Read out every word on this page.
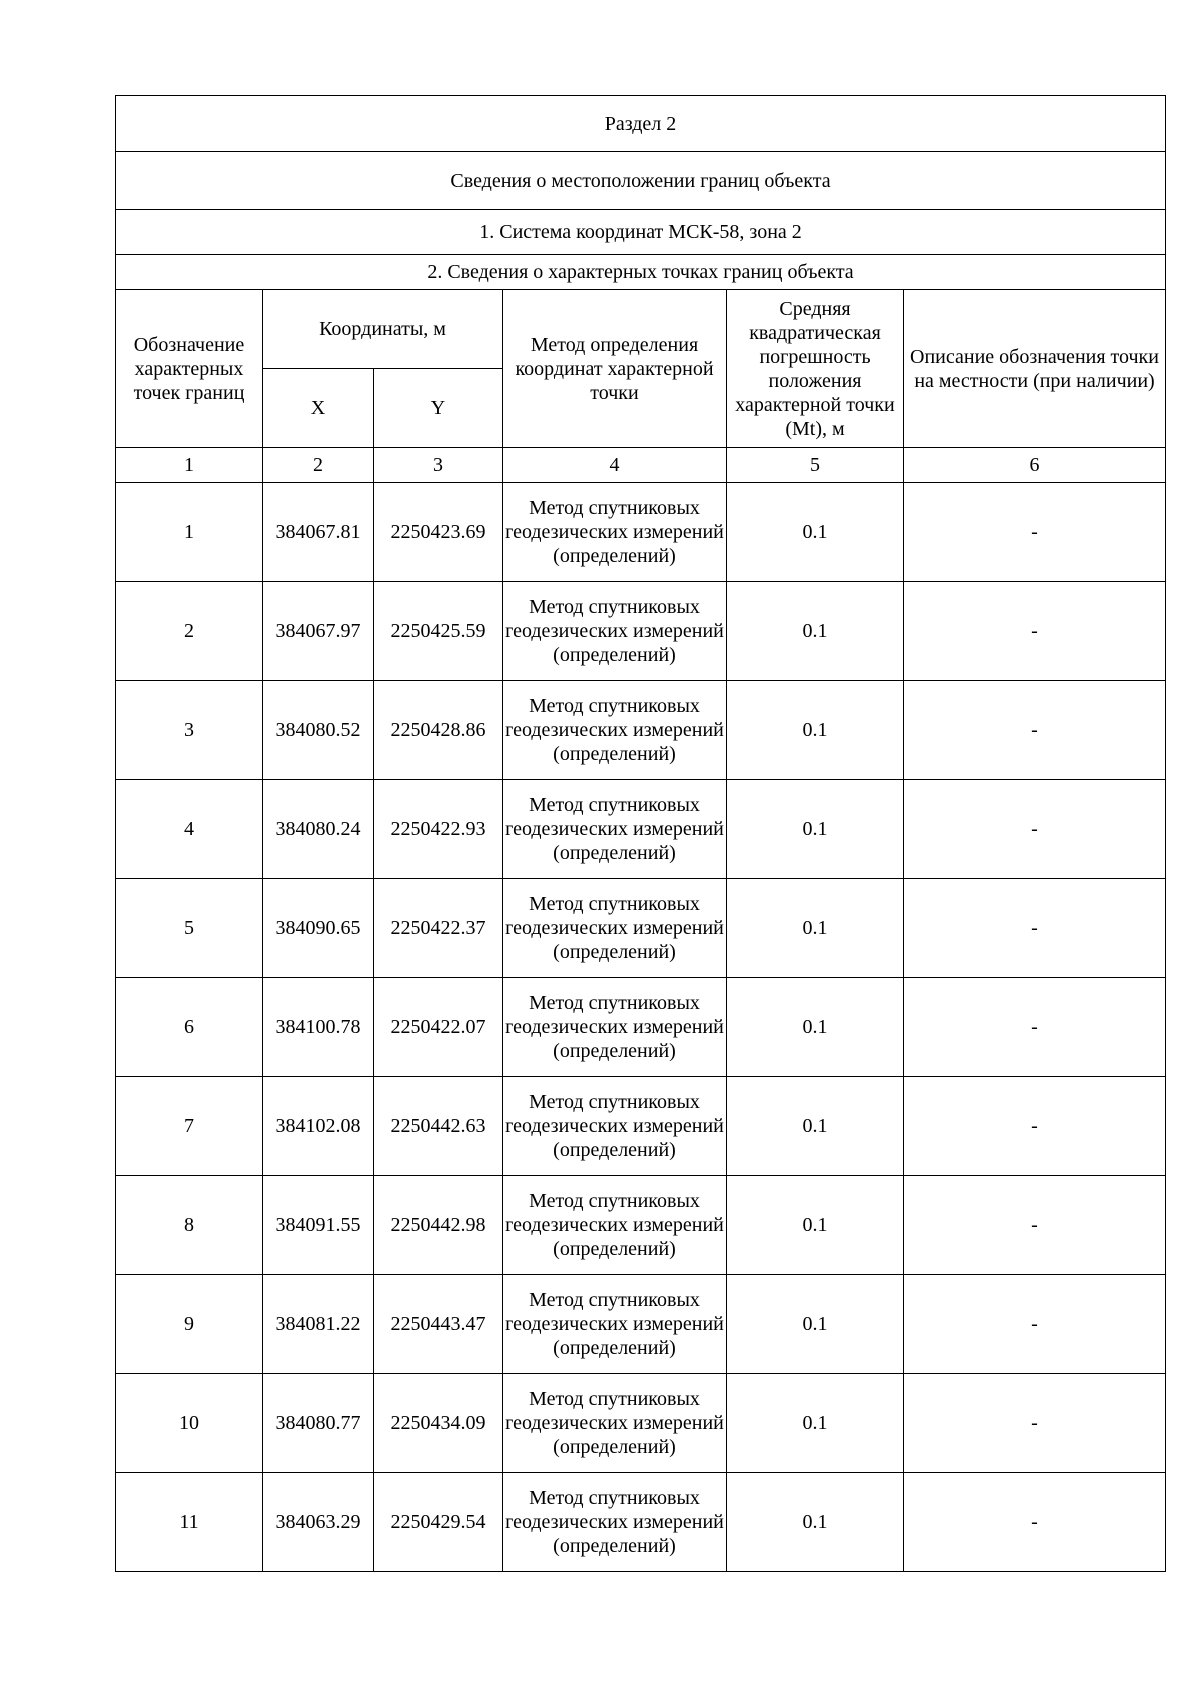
Раздел 2					
Сведения о местоположении границ объекта					
1. Система координат МСК-58, зона 2					
2. Сведения о характерных точках границ объекта					
Обозначение характерных точек границ	Координаты, м		Метод определения координат характерной точки	Средняя квадратическая погрешность положения характерной точки (Mt), м	Описание обозначения точки на местности (при наличии)
	X	Y			
1	2	3	4	5	6
1	384067.81	2250423.69	Метод спутниковых геодезических измерений (определений)	0.1	-
2	384067.97	2250425.59	Метод спутниковых геодезических измерений (определений)	0.1	-
3	384080.52	2250428.86	Метод спутниковых геодезических измерений (определений)	0.1	-
4	384080.24	2250422.93	Метод спутниковых геодезических измерений (определений)	0.1	-
5	384090.65	2250422.37	Метод спутниковых геодезических измерений (определений)	0.1	-
6	384100.78	2250422.07	Метод спутниковых геодезических измерений (определений)	0.1	-
7	384102.08	2250442.63	Метод спутниковых геодезических измерений (определений)	0.1	-
8	384091.55	2250442.98	Метод спутниковых геодезических измерений (определений)	0.1	-
9	384081.22	2250443.47	Метод спутниковых геодезических измерений (определений)	0.1	-
10	384080.77	2250434.09	Метод спутниковых геодезических измерений (определений)	0.1	-
11	384063.29	2250429.54	Метод спутниковых геодезических измерений (определений)	0.1	-
